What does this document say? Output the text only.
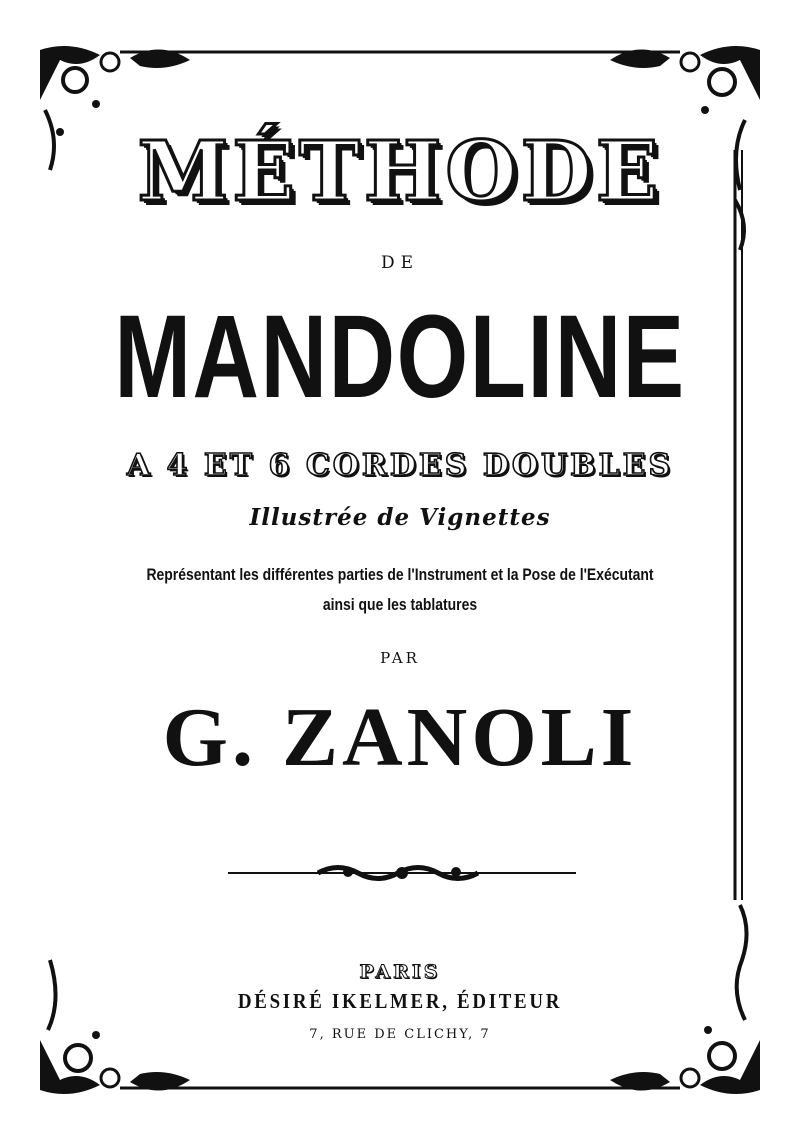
MÉTHODE
DE
MANDOLINE
A 4 ET 6 CORDES DOUBLES
Illustrée de Vignettes
Représentant les différentes parties de l'Instrument et la Pose de l'Exécutant
ainsi que les tablatures
PAR
G. ZANOLI
PARIS
DÉSIRÉ IKELMER, ÉDITEUR
7, RUE DE CLICHY, 7
